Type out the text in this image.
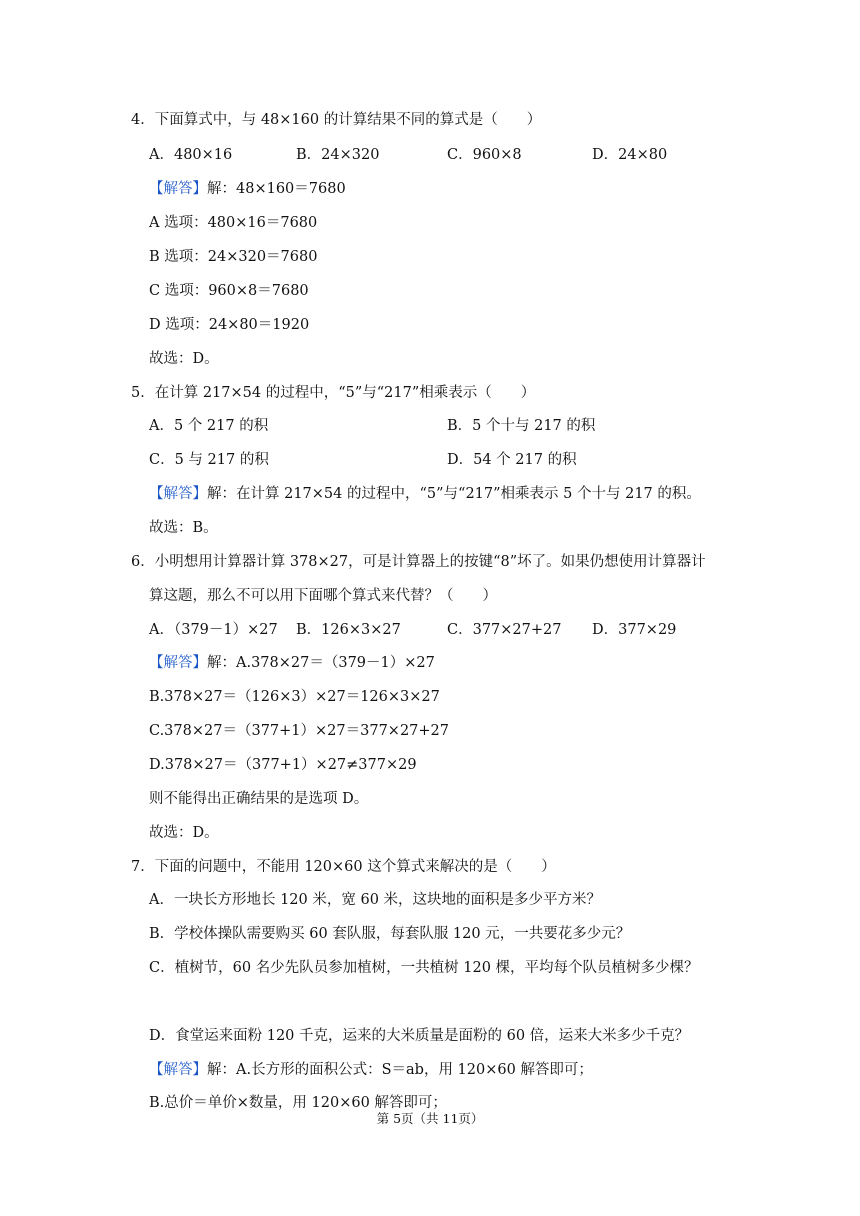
4．下面算式中，与 48×160 的计算结果不同的算式是（　　）
A．480×16	B．24×320	C．960×8	D．24×80
【解答】解：48×160＝7680
A 选项：480×16＝7680
B 选项：24×320＝7680
C 选项：960×8＝7680
D 选项：24×80＝1920
故选：D。
5．在计算 217×54 的过程中，“5”与“217”相乘表示（　　）
A．5 个 217 的积	B．5 个十与 217 的积
C．5 与 217 的积	D．54 个 217 的积
【解答】解：在计算 217×54 的过程中，“5”与“217”相乘表示 5 个十与 217 的积。
故选：B。
6．小明想用计算器计算 378×27，可是计算器上的按键“8”坏了。如果仍想使用计算器计
算这题，那么不可以用下面哪个算式来代替？（　　）
A．（379－1）×27 B．126×3×27	C．377×27+27 D．377×29
【解答】解：A.378×27＝（379－1）×27
B.378×27＝（126×3）×27＝126×3×27
C.378×27＝（377+1）×27＝377×27+27
D.378×27＝（377+1）×27≠377×29
则不能得出正确结果的是选项 D。
故选：D。
7．下面的问题中，不能用 120×60 这个算式来解决的是（　　）
A．一块长方形地长 120 米，宽 60 米，这块地的面积是多少平方米？
B．学校体操队需要购买 60 套队服，每套队服 120 元，一共要花多少元？
C．植树节，60 名少先队员参加植树，一共植树 120 棵，平均每个队员植树多少棵？
D．食堂运来面粉 120 千克，运来的大米质量是面粉的 60 倍，运来大米多少千克？
【解答】解：A.长方形的面积公式：S＝ab，用 120×60 解答即可；
B.总价＝单价×数量，用 120×60 解答即可；
第 5页（共 11页）
